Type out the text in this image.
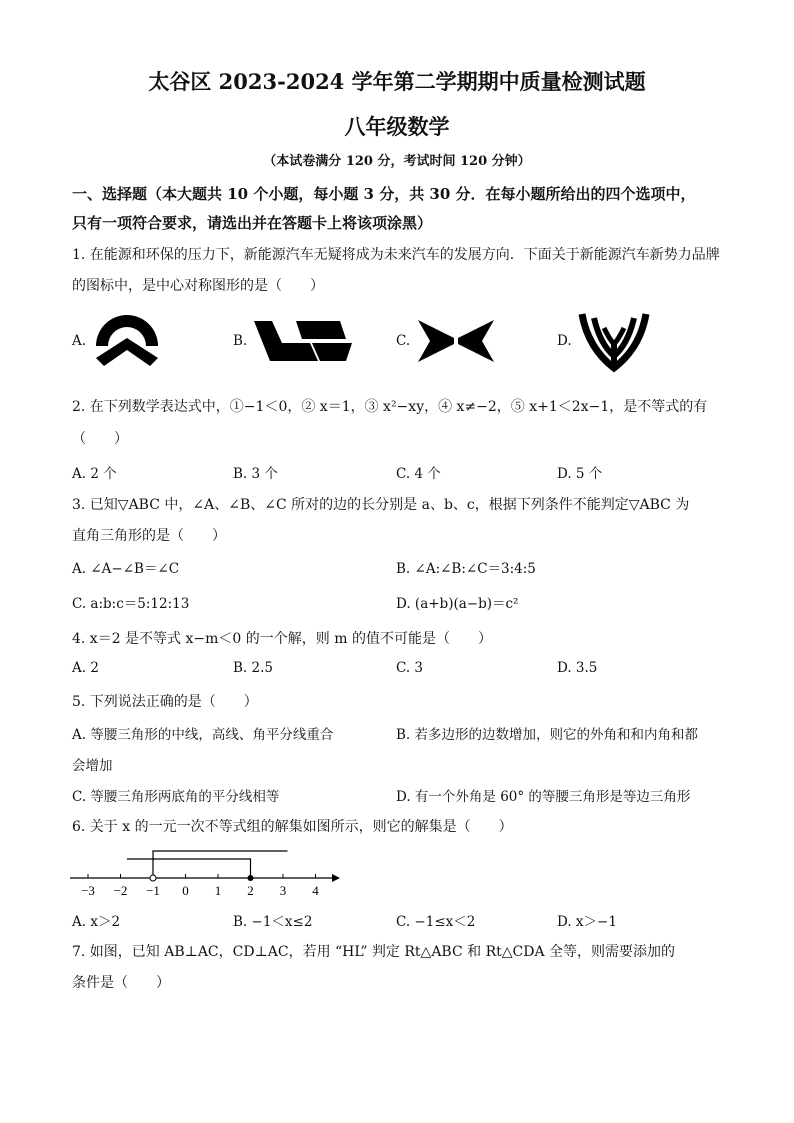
太谷区 2023-2024 学年第二学期期中质量检测试题
八年级数学
（本试卷满分 120 分，考试时间 120 分钟）
一、选择题（本大题共 10 个小题，每小题 3 分，共 30 分．在每小题所给出的四个选项中，
只有一项符合要求，请选出并在答题卡上将该项涂黑）
1. 在能源和环保的压力下，新能源汽车无疑将成为未来汽车的发展方向．下面关于新能源汽车新势力品牌
的图标中，是中心对称图形的是（　　）
A.	B.	C.	D.
2. 在下列数学表达式中，①−1＜0，② x＝1，③ x²−xy，④ x≠−2，⑤ x+1＜2x−1，是不等式的有
（　　）
A. 2 个	B. 3 个	C. 4 个	D. 5 个
3. 已知▽ABC 中，∠A、∠B、∠C 所对的边的长分别是 a、b、c，根据下列条件不能判定▽ABC 为
直角三角形的是（　　）
A. ∠A−∠B＝∠C	B. ∠A:∠B:∠C＝3:4:5
C. a:b:c＝5:12:13	D. (a+b)(a−b)＝c²
4. x＝2 是不等式 x−m＜0 的一个解，则 m 的值不可能是（　　）
A. 2	B. 2.5	C. 3	D. 3.5
5. 下列说法正确的是（　　）
A. 等腰三角形的中线，高线、角平分线重合	B. 若多边形的边数增加，则它的外角和和内角和都
会增加
C. 等腰三角形两底角的平分线相等	D. 有一个外角是 60° 的等腰三角形是等边三角形
6. 关于 x 的一元一次不等式组的解集如图所示，则它的解集是（　　）
−3 −2 −1 0 1 2 3 4
A. x＞2	B. −1＜x≤2	C. −1≤x＜2	D. x＞−1
7. 如图，已知 AB⊥AC，CD⊥AC，若用 “HL” 判定 Rt△ABC 和 Rt△CDA 全等，则需要添加的
条件是（　　）
